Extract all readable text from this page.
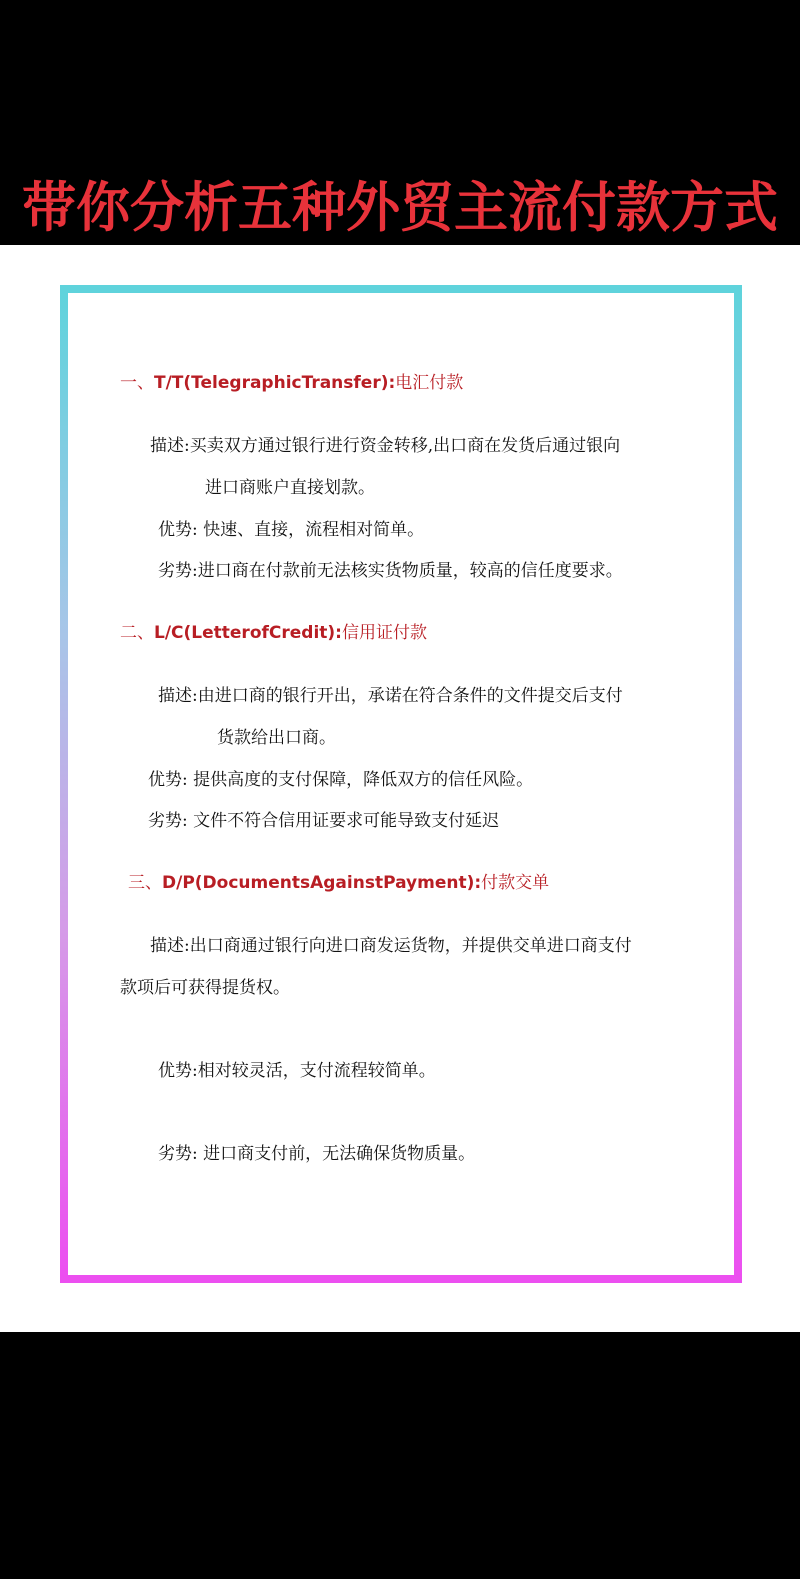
带你分析五种外贸主流付款方式
一、T/T(TelegraphicTransfer):电汇付款
描述:买卖双方通过银行进行资金转移,出口商在发货后通过银向
进口商账户直接划款。
优势: 快速、直接，流程相对简单。
劣势:进口商在付款前无法核实货物质量，较高的信任度要求。
二、L/C(LetterofCredit):信用证付款
描述:由进口商的银行开出，承诺在符合条件的文件提交后支付
货款给出口商。
优势: 提供高度的支付保障，降低双方的信任风险。
劣势: 文件不符合信用证要求可能导致支付延迟
三、D/P(DocumentsAgainstPayment):付款交单
描述:出口商通过银行向进口商发运货物，并提供交单进口商支付
款项后可获得提货权。
优势:相对较灵活，支付流程较简单。
劣势: 进口商支付前，无法确保货物质量。
